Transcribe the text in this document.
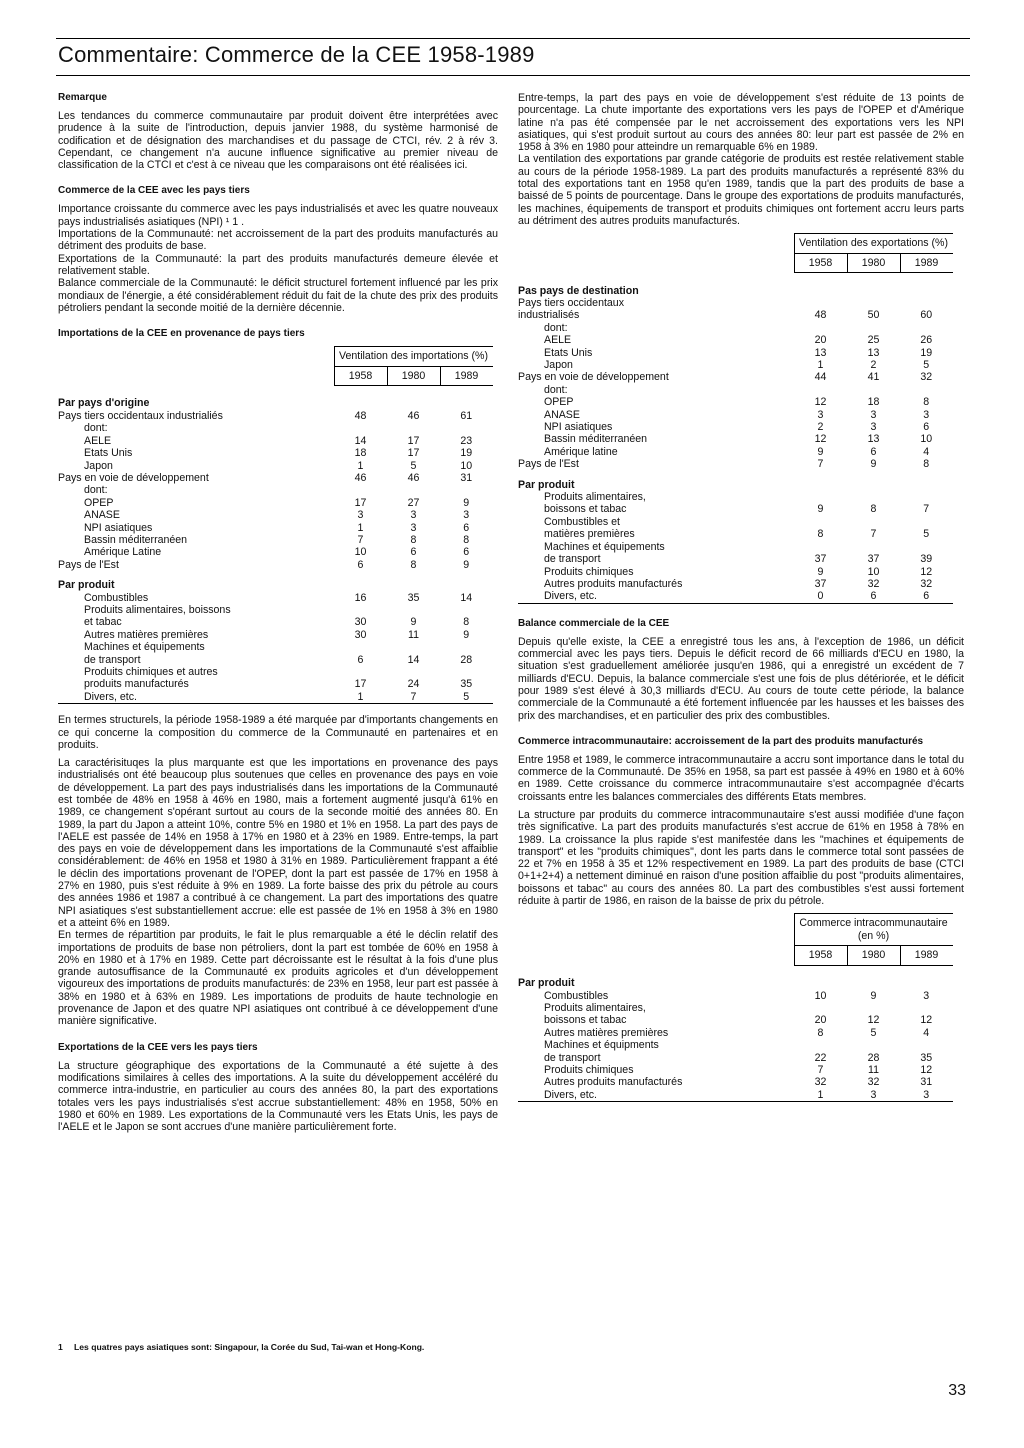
Commentaire: Commerce de la CEE 1958-1989
Remarque

Les tendances du commerce communautaire par produit doivent être interprétées avec prudence à la suite de l'introduction, depuis janvier 1988, du système harmonisé de codification et de désignation des marchandises et du passage de CTCI, rév. 2 à rév 3. Cependant, ce changement n'a aucune influence significative au premier niveau de classification de la CTCI et c'est à ce niveau que les comparaisons ont été réalisées ici.

Commerce de la CEE avec les pays tiers

Importance croissante du commerce avec les pays industrialisés et avec les quatre nouveaux pays industrialisés asiatiques (NPI) ¹ 1 .

Importations de la Communauté: net accroissement de la part des produits manufacturés au détriment des produits de base.

Exportations de la Communauté: la part des produits manufacturés demeure élevée et relativement stable.

Balance commerciale de la Communauté: le déficit structurel fortement influencé par les prix mondiaux de l'énergie, a été considérablement réduit du fait de la chute des prix des produits pétroliers pendant la seconde moitié de la dernière décennie.

Importations de la CEE en provenance de pays tiers
	Ventilation des importations (%)		
	1958	1980	1989
Par pays d'origine			
Pays tiers occidentaux industrialiés	48	46	61
dont:			
AELE	14	17	23
Etats Unis	18	17	19
Japon	1	5	10
Pays en voie de développement	46	46	31
dont:			
OPEP	17	27	9
ANASE	3	3	3
NPI asiatiques	1	3	6
Bassin méditerranéen	7	8	8
Amérique Latine	10	6	6
Pays de l'Est	6	8	9

Par produit			
Combustibles	16	35	14
Produits alimentaires, boissons			
et tabac	30	9	8
Autres matières premières	30	11	9
Machines et équipements			
de transport	6	14	28
Produits chimiques et autres			
produits manufacturés	17	24	35
Divers, etc.	1	7	5

En termes structurels, la période 1958-1989 a été marquée par d'importants changements en ce qui concerne la composition du commerce de la Communauté en partenaires et en produits.

La caractérisituqes la plus marquante est que les importations en provenance des pays industrialisés ont été beaucoup plus soutenues que celles en provenance des pays en voie de développement. La part des pays industrialisés dans les importations de la Communauté est tombée de 48% en 1958 à 46% en 1980, mais a fortement augmenté jusqu'à 61% en 1989, ce changement s'opérant surtout au cours de la seconde moitié des années 80. En 1989, la part du Japon a atteint 10%, contre 5% en 1980 et 1% en 1958. La part des pays de l'AELE est passée de 14% en 1958 à 17% en 1980 et à 23% en 1989. Entre-temps, la part des pays en voie de développement dans les importations de la Communauté s'est affaiblie considérablement: de 46% en 1958 et 1980 à 31% en 1989. Particulièrement frappant a été le déclin des importations provenant de l'OPEP, dont la part est passée de 17% en 1958 à 27% en 1980, puis s'est réduite à 9% en 1989. La forte baisse des prix du pétrole au cours des années 1986 et 1987 a contribué à ce changement. La part des importations des quatre NPI asiatiques s'est substantiellement accrue: elle est passée de 1% en 1958 à 3% en 1980 et a atteint 6% en 1989.

En termes de répartition par produits, le fait le plus remarquable a été le déclin relatif des importations de produits de base non pétroliers, dont la part est tombée de 60% en 1958 à 20% en 1980 et à 17% en 1989. Cette part décroissante est le résultat à la fois d'une plus grande autosuffisance de la Communauté ex produits agricoles et d'un développement vigoureux des importations de produits manufacturés: de 23% en 1958, leur part est passée à 38% en 1980 et à 63% en 1989. Les importations de produits de haute technologie en provenance de Japon et des quatre NPI asiatiques ont contribué à ce développement d'une manière significative.

Exportations de la CEE vers les pays tiers

La structure géographique des exportations de la Communauté a été sujette à des modifications similaires à celles des importations. A la suite du développement accéléré du commerce intra-industrie, en particulier au cours des années 80, la part des exportations totales vers les pays industrialisés s'est accrue substantiellement: 48% en 1958, 50% en 1980 et 60% en 1989. Les exportations de la Communauté vers les Etats Unis, les pays de l'AELE et le Japon se sont accrues d'une manière particulièrement forte.

Entre-temps, la part des pays en voie de développement s'est réduite de 13 points de pourcentage. La chute importante des exportations vers les pays de l'OPEP et d'Amérique latine n'a pas été compensée par le net accroissement des exportations vers les NPI asiatiques, qui s'est produit surtout au cours des années 80: leur part est passée de 2% en 1958 à 3% en 1980 pour atteindre un remarquable 6% en 1989.

La ventilation des exportations par grande catégorie de produits est restée relativement stable au cours de la période 1958-1989. La part des produits manufacturés a représenté 83% du total des exportations tant en 1958 qu'en 1989, tandis que la part des produits de base a baissé de 5 points de pourcentage. Dans le groupe des exportations de produits manufacturés, les machines, équipements de transport et produits chimiques ont fortement accru leurs parts au détriment des autres produits manufacturés.

	Ventilation des exportations (%)		
	1958	1980	1989
Pas pays de destination			
Pays tiers occidentaux			
industrialisés	48	50	60
dont:			
AELE	20	25	26
Etats Unis	13	13	19
Japon	1	2	5
Pays en voie de développement	44	41	32
dont:			
OPEP	12	18	8
ANASE	3	3	3
NPI asiatiques	2	3	6
Bassin méditerranéen	12	13	10
Amérique latine	9	6	4
Pays de l'Est	7	9	8

Par produit			
Produits alimentaires,			
boissons et tabac	9	8	7
Combustibles et			
matières premières	8	7	5
Machines et équipements			
de transport	37	37	39
Produits chimiques	9	10	12
Autres produits manufacturés	37	32	32
Divers, etc.	0	6	6
Balance commerciale de la CEE

Depuis qu'elle existe, la CEE a enregistré tous les ans, à l'exception de 1986, un déficit commercial avec les pays tiers. Depuis le déficit record de 66 milliards d'ECU en 1980, la situation s'est graduellement améliorée jusqu'en 1986, qui a enregistré un excédent de 7 milliards d'ECU. Depuis, la balance commerciale s'est une fois de plus détériorée, et le déficit pour 1989 s'est élevé à 30,3 milliards d'ECU. Au cours de toute cette période, la balance commerciale de la Communauté a été fortement influencée par les hausses et les baisses des prix des marchandises, et en particulier des prix des combustibles.

Commerce intracommunautaire: accroissement de la part des produits manufacturés

Entre 1958 et 1989, le commerce intracommunautaire a accru sont importance dans le total du commerce de la Communauté. De 35% en 1958, sa part est passée à 49% en 1980 et à 60% en 1989. Cette croissance du commerce intracommunautaire s'est accompagnée d'écarts croissants entre les balances commerciales des différents Etats membres.

La structure par produits du commerce intracommunautaire s'est aussi modifiée d'une façon très significative. La part des produits manufacturés s'est accrue de 61% en 1958 à 78% en 1989. La croissance la plus rapide s'est manifestée dans les "machines et équipements de transport" et les "produits chimiques", dont les parts dans le commerce total sont passées de 22 et 7% en 1958 à 35 et 12% respectivement en 1989. La part des produits de base (CTCI 0+1+2+4) a nettement diminué en raison d'une position affaiblie du post "produits alimentaires, boissons et tabac" au cours des années 80. La part des combustibles s'est aussi fortement réduite à partir de 1986, en raison de la baisse de prix du pétrole.

	Commerce intracommunautaire (en %)		
	1958	1980	1989
Par produit			
Combustibles	10	9	3
Produits alimentaires,			
boissons et tabac	20	12	12
Autres matières premières	8	5	4
Machines et équipments			
de transport	22	28	35
Produits chimiques	7	11	12
Autres produits manufacturés	32	32	31
Divers, etc.	1	3	3
1 Les quatres pays asiatiques sont: Singapour, la Corée du Sud, Tai-wan et Hong-Kong.
33
